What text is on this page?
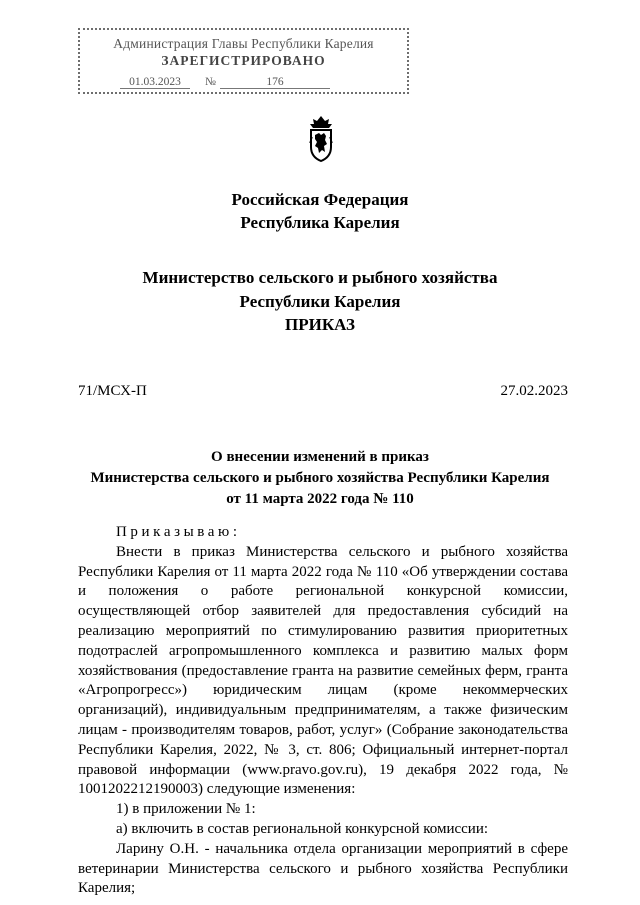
Администрация Главы Республики Карелия
ЗАРЕГИСТРИРОВАНО
01.03.2023	№	176
Российская Федерация
Республика Карелия
Министерство сельского и рыбного хозяйства
Республики Карелия
ПРИКАЗ
71/МСХ-П	27.02.2023
О внесении изменений в приказ
Министерства сельского и рыбного хозяйства Республики Карелия
от 11 марта 2022 года № 110

Приказываю:

Внести в приказ Министерства сельского и рыбного хозяйства Республики Карелия от 11 марта 2022 года № 110 «Об утверждении состава и положения о работе региональной конкурсной комиссии, осуществляющей отбор заявителей для предоставления субсидий на реализацию мероприятий по стимулированию развития приоритетных подотраслей агропромышленного комплекса и развитию малых форм хозяйствования (предоставление гранта на развитие семейных ферм, гранта «Агропрогресс») юридическим лицам (кроме некоммерческих организаций), индивидуальным предпринимателям, а также физическим лицам - производителям товаров, работ, услуг» (Собрание законодательства Республики Карелия, 2022, № 3, ст. 806; Официальный интернет-портал правовой информации (www.pravo.gov.ru), 19 декабря 2022 года, № 1001202212190003) следующие изменения:

1) в приложении № 1:

а) включить в состав региональной конкурсной комиссии:

Ларину О.Н. - начальника отдела организации мероприятий в сфере ветеринарии Министерства сельского и рыбного хозяйства Республики Карелия;
